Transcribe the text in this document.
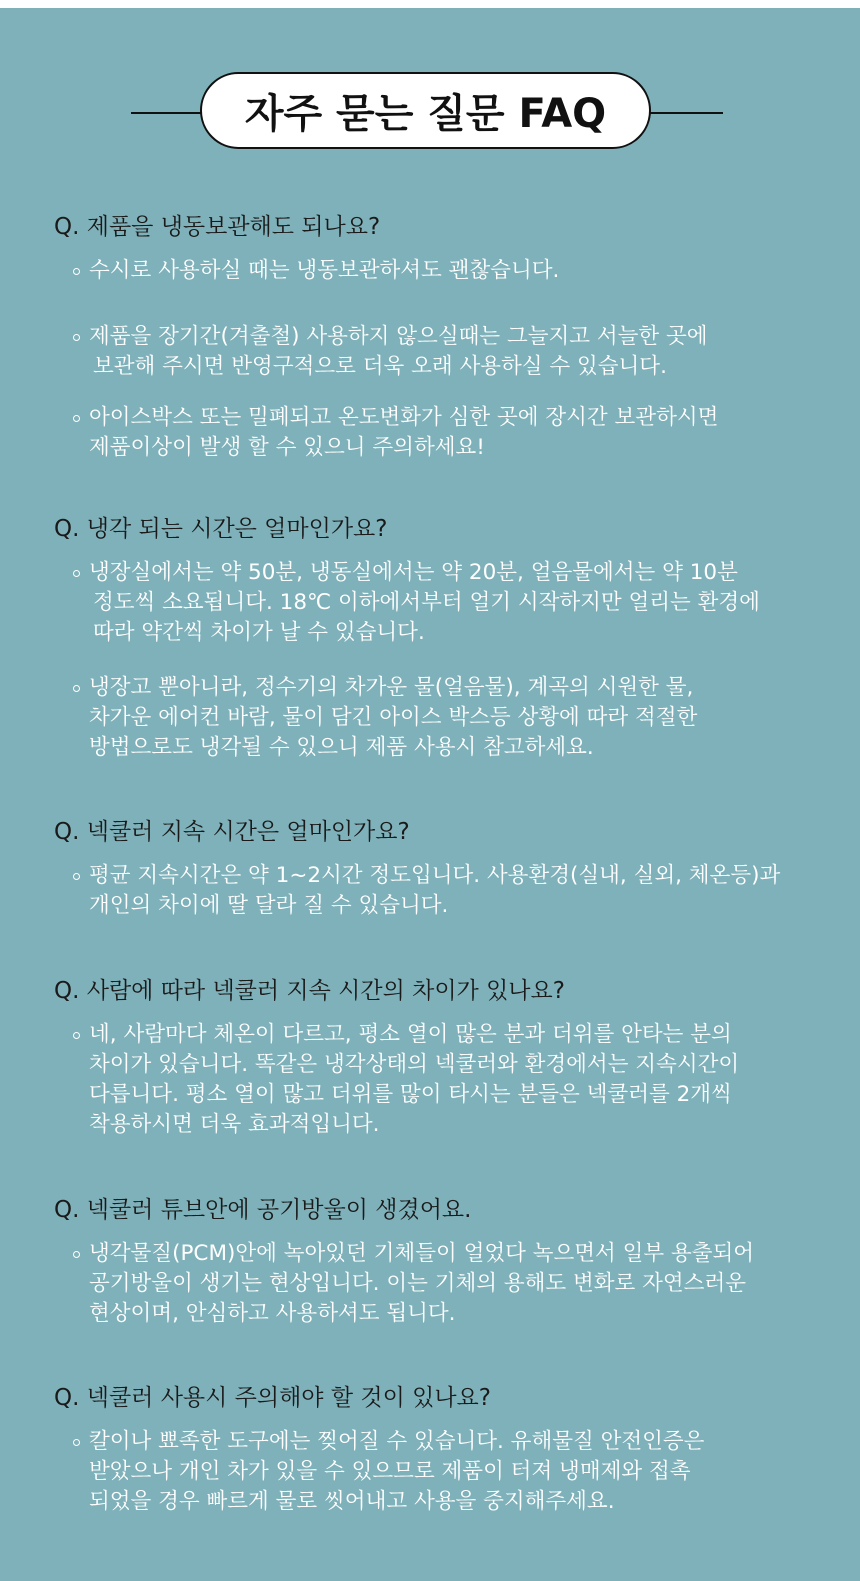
자주 묻는 질문 FAQ
Q. 제품을 냉동보관해도 되나요?
수시로 사용하실 때는 냉동보관하셔도 괜찮습니다.
제품을 장기간(겨출철) 사용하지 않으실때는 그늘지고 서늘한 곳에
보관해 주시면 반영구적으로 더욱 오래 사용하실 수 있습니다.
아이스박스 또는 밀폐되고 온도변화가 심한 곳에 장시간 보관하시면
제품이상이 발생 할 수 있으니 주의하세요!
Q. 냉각 되는 시간은 얼마인가요?
냉장실에서는 약 50분, 냉동실에서는 약 20분, 얼음물에서는 약 10분
정도씩 소요됩니다. 18℃ 이하에서부터 얼기 시작하지만 얼리는 환경에
따라 약간씩 차이가 날 수 있습니다.
냉장고 뿐아니라, 정수기의 차가운 물(얼음물), 계곡의 시원한 물,
차가운 에어컨 바람, 물이 담긴 아이스 박스등 상황에 따라 적절한
방법으로도 냉각될 수 있으니 제품 사용시 참고하세요.
Q. 넥쿨러 지속 시간은 얼마인가요?
평균 지속시간은 약 1~2시간 정도입니다. 사용환경(실내, 실외, 체온등)과
개인의 차이에 딸 달라 질 수 있습니다.
Q. 사람에 따라 넥쿨러 지속 시간의 차이가 있나요?
네, 사람마다 체온이 다르고, 평소 열이 많은 분과 더위를 안타는 분의
차이가 있습니다. 똑같은 냉각상태의 넥쿨러와 환경에서는 지속시간이
다릅니다. 평소 열이 많고 더위를 많이 타시는 분들은 넥쿨러를 2개씩
착용하시면 더욱 효과적입니다.
Q. 넥쿨러 튜브안에 공기방울이 생겼어요.
냉각물질(PCM)안에 녹아있던 기체들이 얼었다 녹으면서 일부 용출되어
공기방울이 생기는 현상입니다. 이는 기체의 용해도 변화로 자연스러운
현상이며, 안심하고 사용하셔도 됩니다.
Q. 넥쿨러 사용시 주의해야 할 것이 있나요?
칼이나 뾰족한 도구에는 찢어질 수 있습니다. 유해물질 안전인증은
받았으나 개인 차가 있을 수 있으므로 제품이 터져 냉매제와 접촉
되었을 경우 빠르게 물로 씻어내고 사용을 중지해주세요.
